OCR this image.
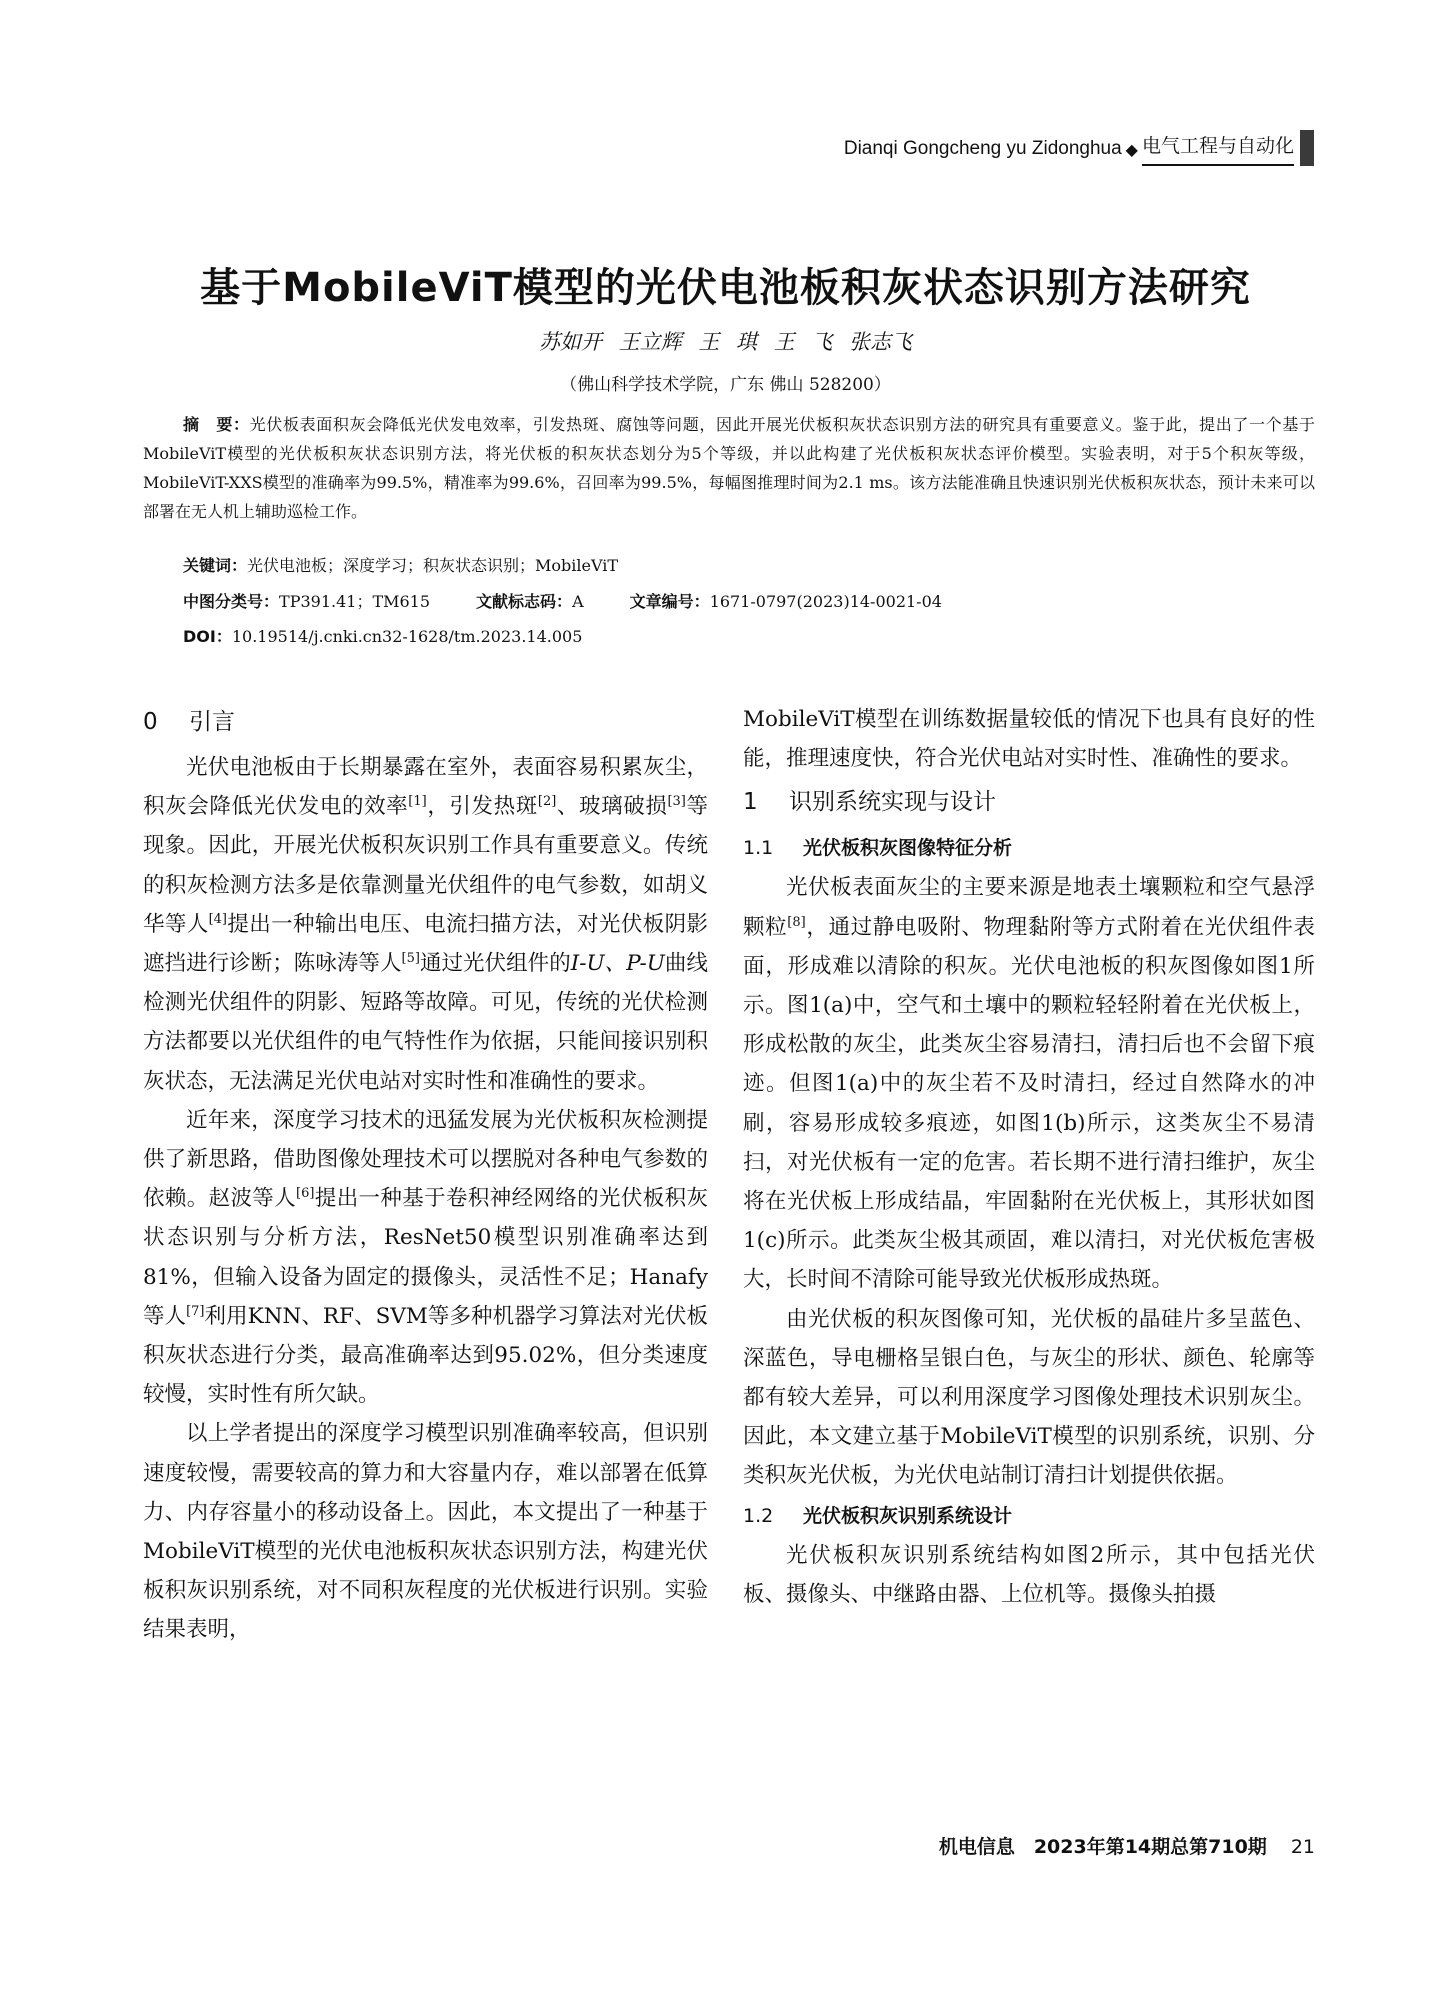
Dianqi Gongcheng yu Zidonghua ◆ 电气工程与自动化
基于MobileViT模型的光伏电池板积灰状态识别方法研究
苏如开 王立辉 王 琪 王 飞 张志飞
（佛山科学技术学院，广东 佛山 528200）
摘　要：光伏板表面积灰会降低光伏发电效率，引发热斑、腐蚀等问题，因此开展光伏板积灰状态识别方法的研究具有重要意义。鉴于此，提出了一个基于MobileViT模型的光伏板积灰状态识别方法，将光伏板的积灰状态划分为5个等级，并以此构建了光伏板积灰状态评价模型。实验表明，对于5个积灰等级，MobileViT-XXS模型的准确率为99.5%，精准率为99.6%，召回率为99.5%，每幅图推理时间为2.1 ms。该方法能准确且快速识别光伏板积灰状态，预计未来可以部署在无人机上辅助巡检工作。
关键词：光伏电池板；深度学习；积灰状态识别；MobileViT
中图分类号：TP391.41；TM615	文献标志码：A	文章编号：1671-0797(2023)14-0021-04
DOI：10.19514/j.cnki.cn32-1628/tm.2023.14.005
0 引言

光伏电池板由于长期暴露在室外，表面容易积累灰尘，积灰会降低光伏发电的效率[1]，引发热斑[2]、玻璃破损[3]等现象。因此，开展光伏板积灰识别工作具有重要意义。传统的积灰检测方法多是依靠测量光伏组件的电气参数，如胡义华等人[4]提出一种输出电压、电流扫描方法，对光伏板阴影遮挡进行诊断；陈咏涛等人[5]通过光伏组件的I-U、P-U曲线检测光伏组件的阴影、短路等故障。可见，传统的光伏检测方法都要以光伏组件的电气特性作为依据，只能间接识别积灰状态，无法满足光伏电站对实时性和准确性的要求。

近年来，深度学习技术的迅猛发展为光伏板积灰检测提供了新思路，借助图像处理技术可以摆脱对各种电气参数的依赖。赵波等人[6]提出一种基于卷积神经网络的光伏板积灰状态识别与分析方法，ResNet50模型识别准确率达到81%，但输入设备为固定的摄像头，灵活性不足；Hanafy等人[7]利用KNN、RF、SVM等多种机器学习算法对光伏板积灰状态进行分类，最高准确率达到95.02%，但分类速度较慢，实时性有所欠缺。

以上学者提出的深度学习模型识别准确率较高，但识别速度较慢，需要较高的算力和大容量内存，难以部署在低算力、内存容量小的移动设备上。因此，本文提出了一种基于MobileViT模型的光伏电池板积灰状态识别方法，构建光伏板积灰识别系统，对不同积灰程度的光伏板进行识别。实验结果表明，

MobileViT模型在训练数据量较低的情况下也具有良好的性能，推理速度快，符合光伏电站对实时性、准确性的要求。

1 识别系统实现与设计
1.1 光伏板积灰图像特征分析

光伏板表面灰尘的主要来源是地表土壤颗粒和空气悬浮颗粒[8]，通过静电吸附、物理黏附等方式附着在光伏组件表面，形成难以清除的积灰。光伏电池板的积灰图像如图1所示。图1(a)中，空气和土壤中的颗粒轻轻附着在光伏板上，形成松散的灰尘，此类灰尘容易清扫，清扫后也不会留下痕迹。但图1(a)中的灰尘若不及时清扫，经过自然降水的冲刷，容易形成较多痕迹，如图1(b)所示，这类灰尘不易清扫，对光伏板有一定的危害。若长期不进行清扫维护，灰尘将在光伏板上形成结晶，牢固黏附在光伏板上，其形状如图1(c)所示。此类灰尘极其顽固，难以清扫，对光伏板危害极大，长时间不清除可能导致光伏板形成热斑。

由光伏板的积灰图像可知，光伏板的晶硅片多呈蓝色、深蓝色，导电栅格呈银白色，与灰尘的形状、颜色、轮廓等都有较大差异，可以利用深度学习图像处理技术识别灰尘。因此，本文建立基于MobileViT模型的识别系统，识别、分类积灰光伏板，为光伏电站制订清扫计划提供依据。

1.2 光伏板积灰识别系统设计

光伏板积灰识别系统结构如图2所示，其中包括光伏板、摄像头、中继路由器、上位机等。摄像头拍摄

机电信息　2023年第14期总第710期 21
